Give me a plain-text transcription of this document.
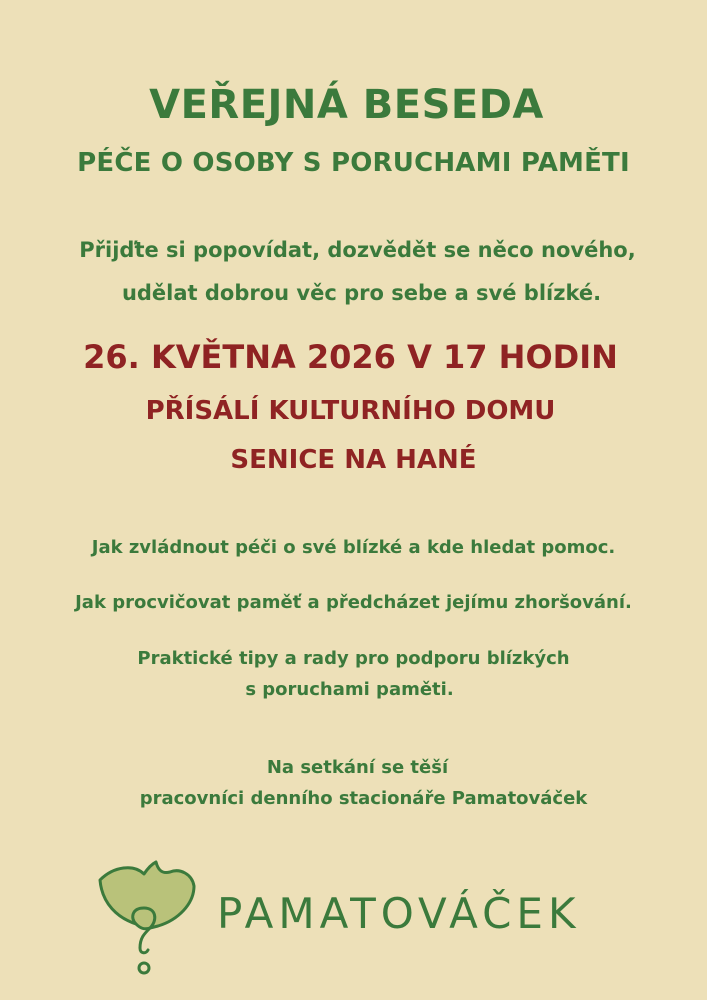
VEŘEJNÁ BESEDA
PÉČE O OSOBY S PORUCHAMI PAMĚTI
Přijďte si popovídat, dozvědět se něco nového,
udělat dobrou věc pro sebe a své blízké.
26. KVĚTNA 2026 V 17 HODIN
PŘÍSÁLÍ KULTURNÍHO DOMU
SENICE NA HANÉ
Jak zvládnout péči o své blízké a kde hledat pomoc.
Jak procvičovat paměť a předcházet jejímu zhoršování.
Praktické tipy a rady pro podporu blízkých
s poruchami paměti.
Na setkání se těší
pracovníci denního stacionáře Pamatováček
PAMATOVÁČEK
